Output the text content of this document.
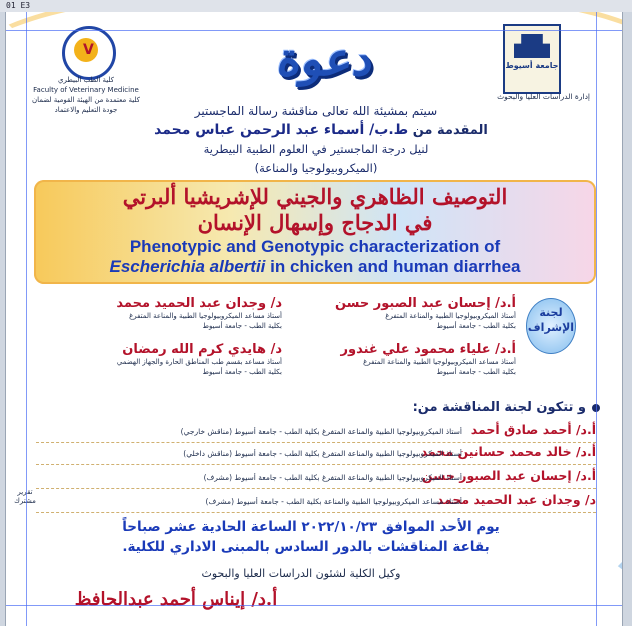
01 E3
جامعة أسيوط
إدارة الدراسات العليا والبحوث
V
كلية الطب البيطري
Faculty of Veterinary Medicine
كلية معتمدة من الهيئة القومية لضمان جودة التعليم والاعتماد
دعوة
سيتم بمشيئة الله تعالى مناقشة رسالة الماجستير
المقدمة من ط.ب/ أسماء عبد الرحمن عباس محمد
لنيل درجة الماجستير في العلوم الطبية البيطرية
(الميكروبيولوجيا والمناعة)
التوصيف الظاهري والجيني للإشريشيا ألبرتي
في الدجاج وإسهال الإنسان
Phenotypic and Genotypic characterization of
Escherichia albertii in chicken and human diarrhea
لجنة
الإشراف
أ.د/ إحسان عبد الصبور حسن
أستاذ الميكروبيولوجيا الطبية والمناعة المتفرغ
بكلية الطب - جامعة أسيوط
د/ وجدان عبد الحميد محمد
أستاذ مساعد الميكروبيولوجيا الطبية والمناعة المتفرغ
بكلية الطب - جامعة أسيوط
أ.د/ علياء محمود علي غندور
أستاذ مساعد الميكروبيولوجيا الطبية والمناعة المتفرغ
بكلية الطب - جامعة أسيوط
د/ هايدي كرم الله رمضان
أستاذ مساعد بقسم طب المناطق الحارة والجهاز الهضمي
بكلية الطب - جامعة أسيوط
و تتكون لجنة المناقشة من:
أ.د/ أحمد صادق أحمد
أستاذ الميكروبيولوجيا الطبية والمناعة المتفرغ بكلية الطب - جامعة أسيوط (مناقش خارجي)
أ.د/ خالد محمد حسانين محمد
أستاذ الميكروبيولوجيا الطبية والمناعة المتفرغ بكلية الطب - جامعة أسيوط (مناقش داخلي)
أ.د/ إحسان عبد الصبور حسن
أستاذ الميكروبيولوجيا الطبية والمناعة المتفرغ بكلية الطب - جامعة أسيوط (مشرف)
د/ وجدان عبد الحميد محمد
أستاذ مساعد الميكروبيولوجيا الطبية والمناعة بكلية الطب - جامعة أسيوط (مشرف)
تقرير مشترك
يوم الأحد الموافق ٢٠٢٢/١٠/٢٣ الساعة الحادية عشر صباحاً
بقاعة المناقشات بالدور السادس بالمبنى الاداري للكلية.
وكيل الكلية لشئون الدراسات العليا والبحوث
أ.د/ إيناس أحمد عبدالحافظ
